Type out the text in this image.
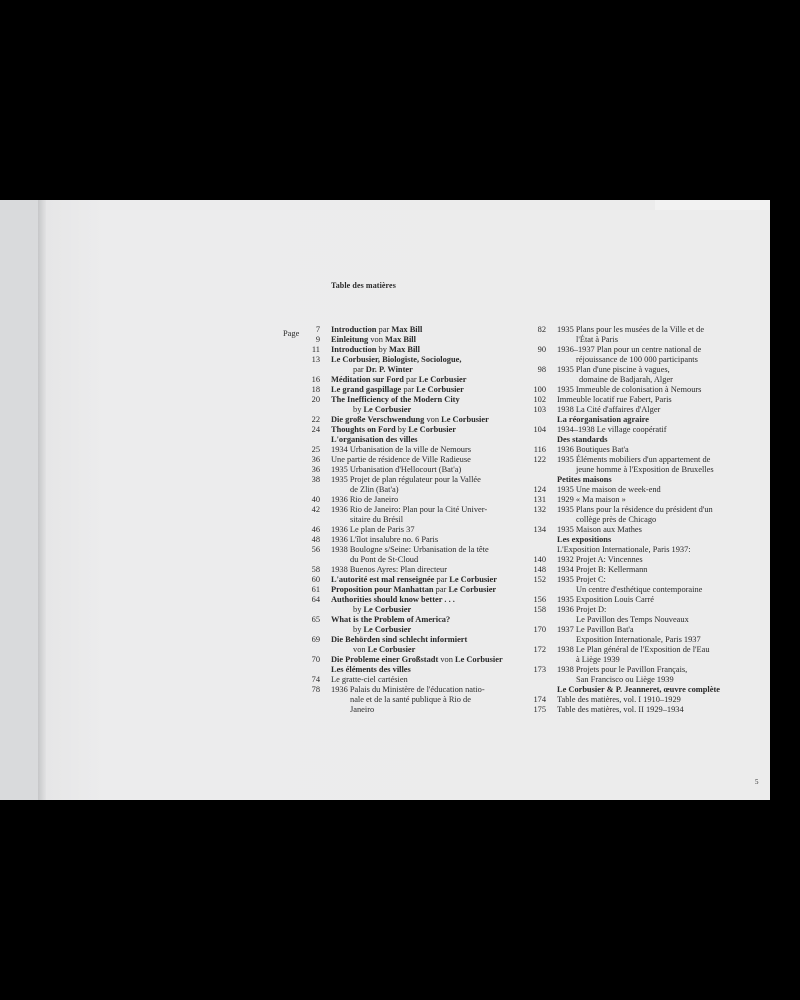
Table des matières
Page 7 Introduction par Max Bill
9 Einleitung von Max Bill
11 Introduction by Max Bill
13 Le Corbusier, Biologiste, Sociologue,
par Dr. P. Winter
16 Méditation sur Ford par Le Corbusier
18 Le grand gaspillage par Le Corbusier
20 The Inefficiency of the Modern City
by Le Corbusier
22 Die große Verschwendung von Le Corbusier
24 Thoughts on Ford by Le Corbusier
L'organisation des villes
25 1934 Urbanisation de la ville de Nemours
36 Une partie de résidence de Ville Radieuse
36 1935 Urbanisation d'Hellocourt (Bat'a)
38 1935 Projet de plan régulateur pour la Vallée
de Zlin (Bat'a)
40 1936 Rio de Janeiro
42 1936 Rio de Janeiro: Plan pour la Cité Univer-
sitaire du Brésil
46 1936 Le plan de Paris 37
48 1936 L'îlot insalubre no. 6 Paris
56 1938 Boulogne s/Seine: Urbanisation de la tête
du Pont de St-Cloud
58 1938 Buenos Ayres: Plan directeur
60 L'autorité est mal renseignée par Le Corbusier
61 Proposition pour Manhattan par Le Corbusier
64 Authorities should know better . . .
by Le Corbusier
65 What is the Problem of America?
by Le Corbusier
69 Die Behörden sind schlecht informiert
von Le Corbusier
70 Die Probleme einer Großstadt von Le Corbusier
Les éléments des villes
74 Le gratte-ciel cartésien
78 1936 Palais du Ministère de l'éducation natio-
nale et de la santé publique à Rio de
Janeiro
82 1935 Plans pour les musées de la Ville et de
l'État à Paris
90 1936–1937 Plan pour un centre national de
réjouissance de 100 000 participants
98 1935 Plan d'une piscine à vagues,
domaine de Badjarah, Alger
100 1935 Immeuble de colonisation à Nemours
102 Immeuble locatif rue Fabert, Paris
103 1938 La Cité d'affaires d'Alger
La réorganisation agraire
104 1934–1938 Le village coopératif
Des standards
116 1936 Boutiques Bat'a
122 1935 Éléments mobiliers d'un appartement de
jeune homme à l'Exposition de Bruxelles
Petites maisons
124 1935 Une maison de week-end
131 1929 « Ma maison »
132 1935 Plans pour la résidence du président d'un
collège près de Chicago
134 1935 Maison aux Mathes
Les expositions
L'Exposition Internationale, Paris 1937:
140 1932 Projet A: Vincennes
148 1934 Projet B: Kellermann
152 1935 Projet C:
Un centre d'esthétique contemporaine
156 1935 Exposition Louis Carré
158 1936 Projet D:
Le Pavillon des Temps Nouveaux
170 1937 Le Pavillon Bat'a
Exposition Internationale, Paris 1937
172 1938 Le Plan général de l'Exposition de l'Eau
à Liège 1939
173 1938 Projets pour le Pavillon Français,
San Francisco ou Liège 1939
Le Corbusier & P. Jeanneret, œuvre complète
174 Table des matières, vol. I 1910–1929
175 Table des matières, vol. II 1929–1934
5
